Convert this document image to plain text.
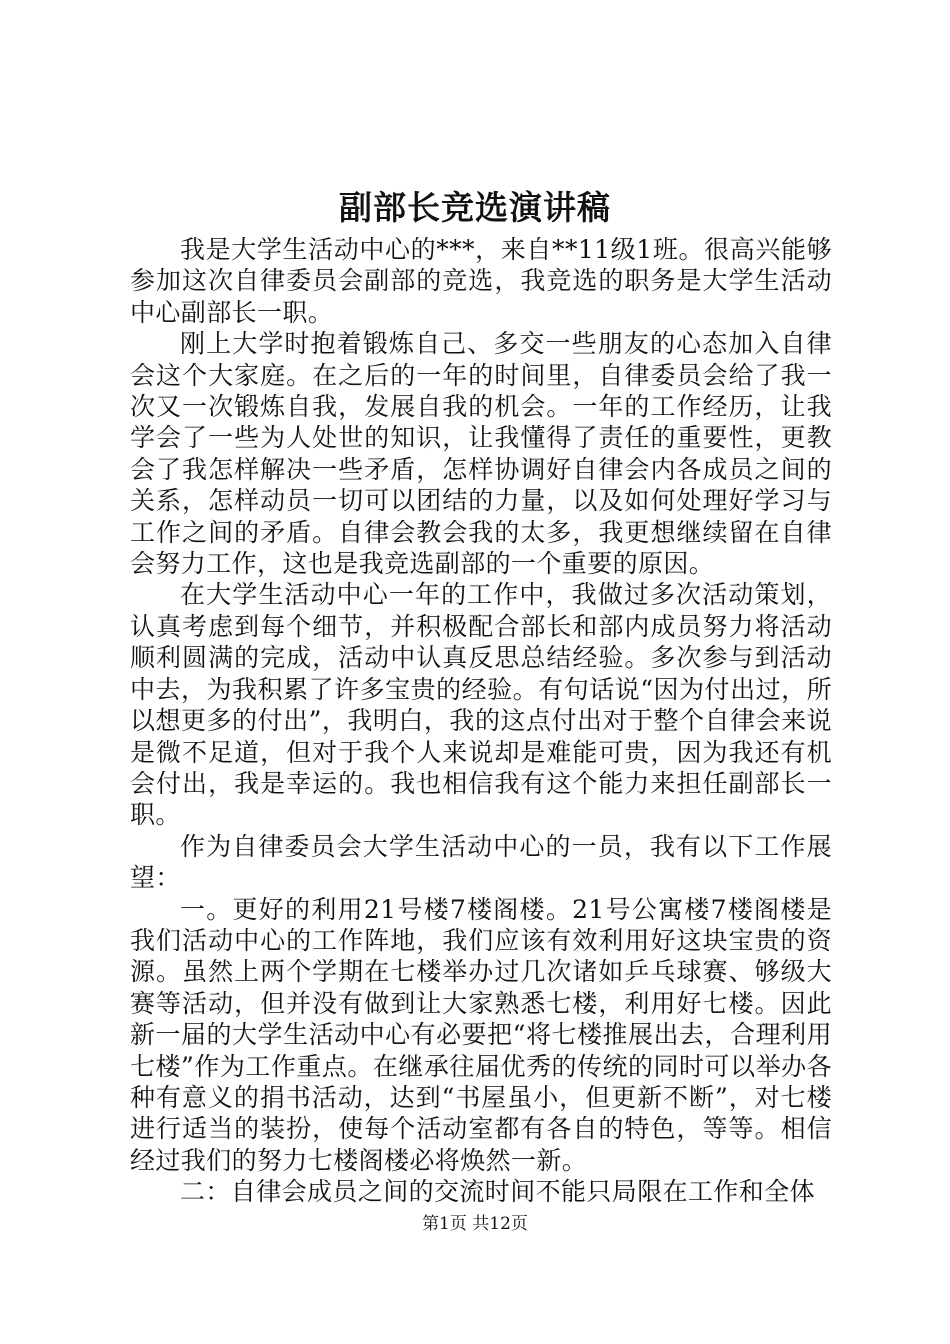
副部长竞选演讲稿

我是大学生活动中心的***，来自**11级1班。很高兴能够参加这次自律委员会副部的竞选，我竞选的职务是大学生活动中心副部长一职。

刚上大学时抱着锻炼自己、多交一些朋友的心态加入自律会这个大家庭。在之后的一年的时间里，自律委员会给了我一次又一次锻炼自我，发展自我的机会。一年的工作经历，让我学会了一些为人处世的知识，让我懂得了责任的重要性，更教会了我怎样解决一些矛盾，怎样协调好自律会内各成员之间的关系，怎样动员一切可以团结的力量，以及如何处理好学习与工作之间的矛盾。自律会教会我的太多，我更想继续留在自律会努力工作，这也是我竞选副部的一个重要的原因。

在大学生活动中心一年的工作中，我做过多次活动策划，认真考虑到每个细节，并积极配合部长和部内成员努力将活动顺利圆满的完成，活动中认真反思总结经验。多次参与到活动中去，为我积累了许多宝贵的经验。有句话说“因为付出过，所以想更多的付出”，我明白，我的这点付出对于整个自律会来说是微不足道，但对于我个人来说却是难能可贵，因为我还有机会付出，我是幸运的。我也相信我有这个能力来担任副部长一职。

作为自律委员会大学生活动中心的一员，我有以下工作展望：

一。更好的利用21号楼7楼阁楼。21号公寓楼7楼阁楼是我们活动中心的工作阵地，我们应该有效利用好这块宝贵的资源。虽然上两个学期在七楼举办过几次诸如乒乓球赛、够级大赛等活动，但并没有做到让大家熟悉七楼，利用好七楼。因此新一届的大学生活动中心有必要把“将七楼推展出去，合理利用七楼”作为工作重点。在继承往届优秀的传统的同时可以举办各种有意义的捐书活动，达到“书屋虽小，但更新不断”，对七楼进行适当的装扮，使每个活动室都有各自的特色，等等。相信经过我们的努力七楼阁楼必将焕然一新。

二：自律会成员之间的交流时间不能只局限在工作和全体

第1页 共12页
